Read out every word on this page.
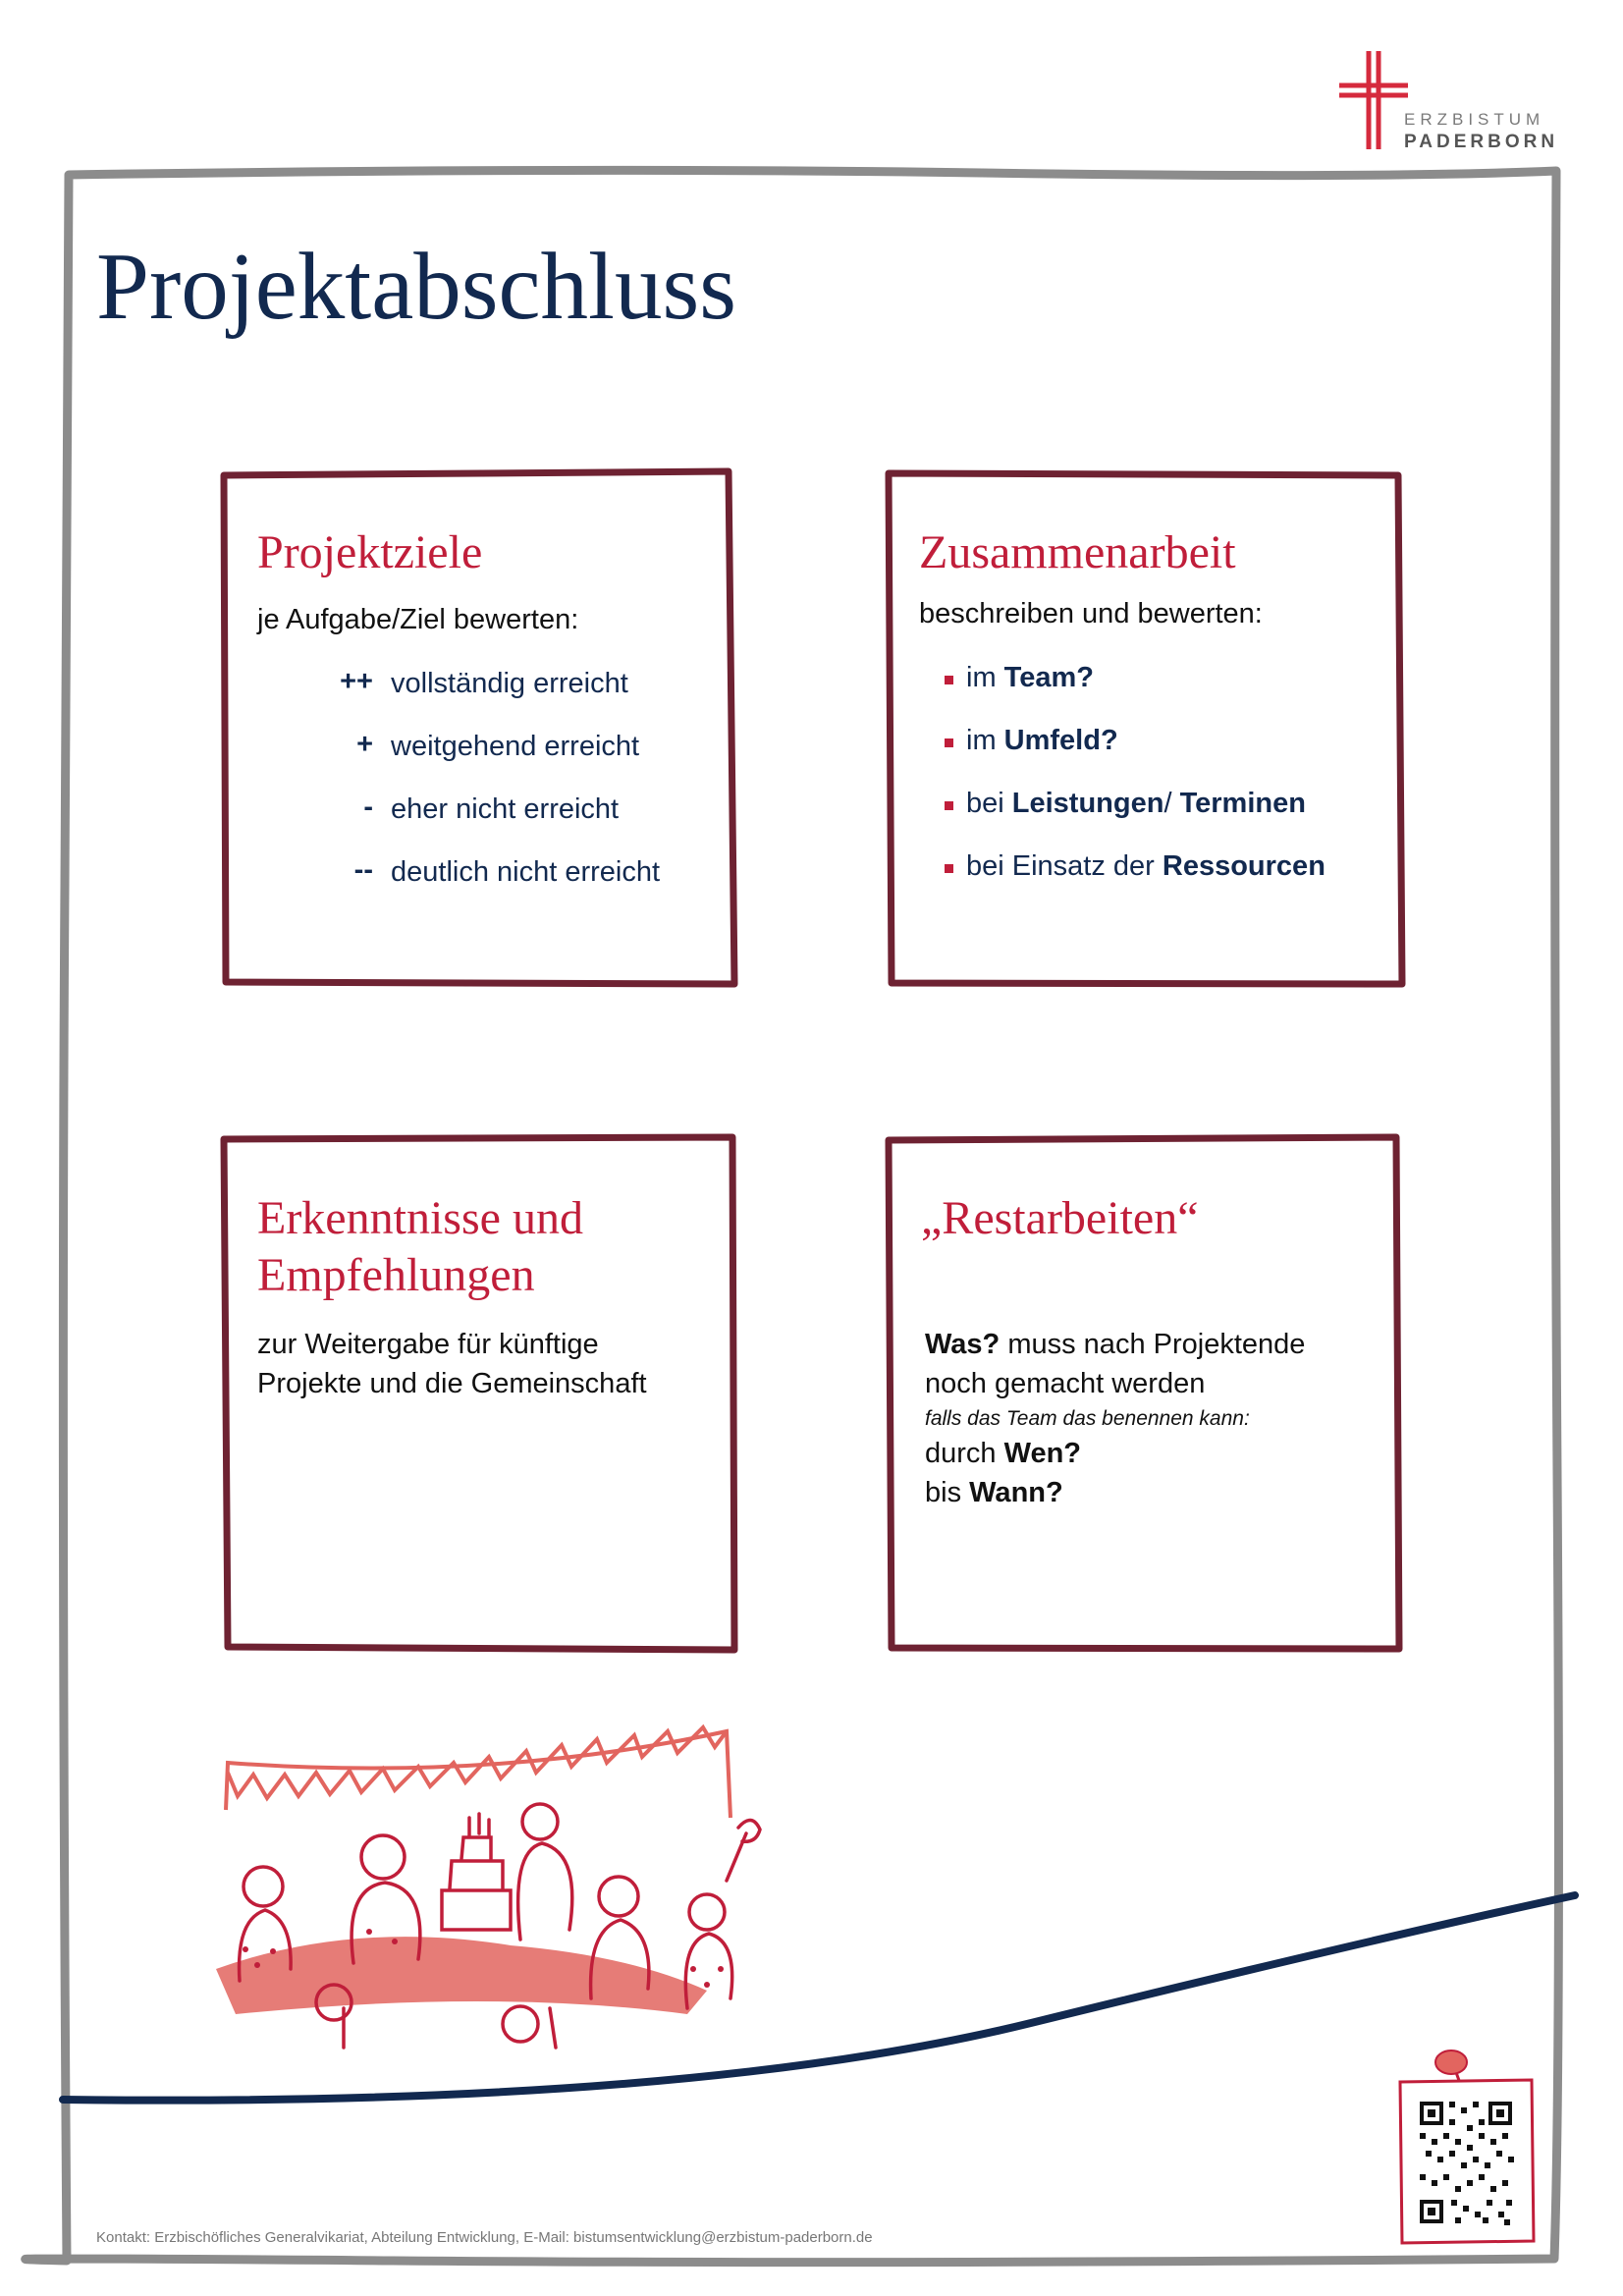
ERZBISTUM
PADERBORN
Projektabschluss
Projektziele
je Aufgabe/Ziel bewerten:
++ vollständig erreicht
+ weitgehend erreicht
- eher nicht erreicht
-- deutlich nicht erreicht
Zusammenarbeit
beschreiben und bewerten:
im Team?
im Umfeld?
bei Leistungen/ Terminen
bei Einsatz der Ressourcen
Erkenntnisse und
Empfehlungen
zur Weitergabe für künftige
Projekte und die Gemeinschaft
„Restarbeiten“
Was? muss nach Projektende
noch gemacht werden
falls das Team das benennen kann:
durch Wen?
bis Wann?
Kontakt: Erzbischöfliches Generalvikariat, Abteilung Entwicklung, E-Mail: bistumsentwicklung@erzbistum-paderborn.de
